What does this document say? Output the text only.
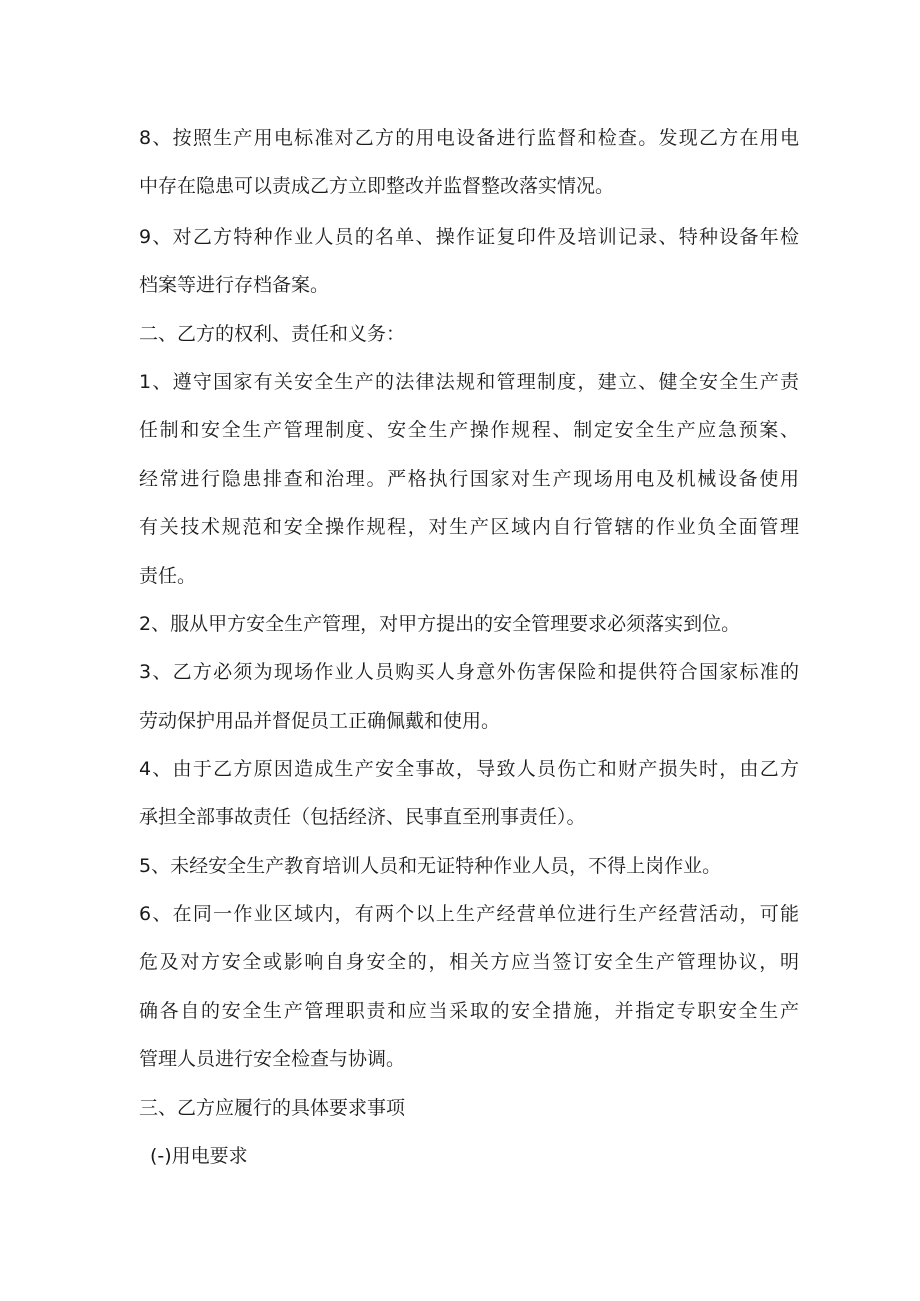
8、按照生产用电标准对乙方的用电设备进行监督和检查。发现乙方在用电
中存在隐患可以责成乙方立即整改并监督整改落实情况。
9、对乙方特种作业人员的名单、操作证复印件及培训记录、特种设备年检
档案等进行存档备案。
二、乙方的权利、责任和义务：
1、遵守国家有关安全生产的法律法规和管理制度，建立、健全安全生产责
任制和安全生产管理制度、安全生产操作规程、制定安全生产应急预案、
经常进行隐患排查和治理。严格执行国家对生产现场用电及机械设备使用
有关技术规范和安全操作规程，对生产区域内自行管辖的作业负全面管理
责任。
2、服从甲方安全生产管理，对甲方提出的安全管理要求必须落实到位。
3、乙方必须为现场作业人员购买人身意外伤害保险和提供符合国家标准的
劳动保护用品并督促员工正确佩戴和使用。
4、由于乙方原因造成生产安全事故，导致人员伤亡和财产损失时，由乙方
承担全部事故责任（包括经济、民事直至刑事责任）。
5、未经安全生产教育培训人员和无证特种作业人员，不得上岗作业。
6、在同一作业区域内，有两个以上生产经营单位进行生产经营活动，可能
危及对方安全或影响自身安全的，相关方应当签订安全生产管理协议，明
确各自的安全生产管理职责和应当采取的安全措施，并指定专职安全生产
管理人员进行安全检查与协调。
三、乙方应履行的具体要求事项
(-)用电要求
